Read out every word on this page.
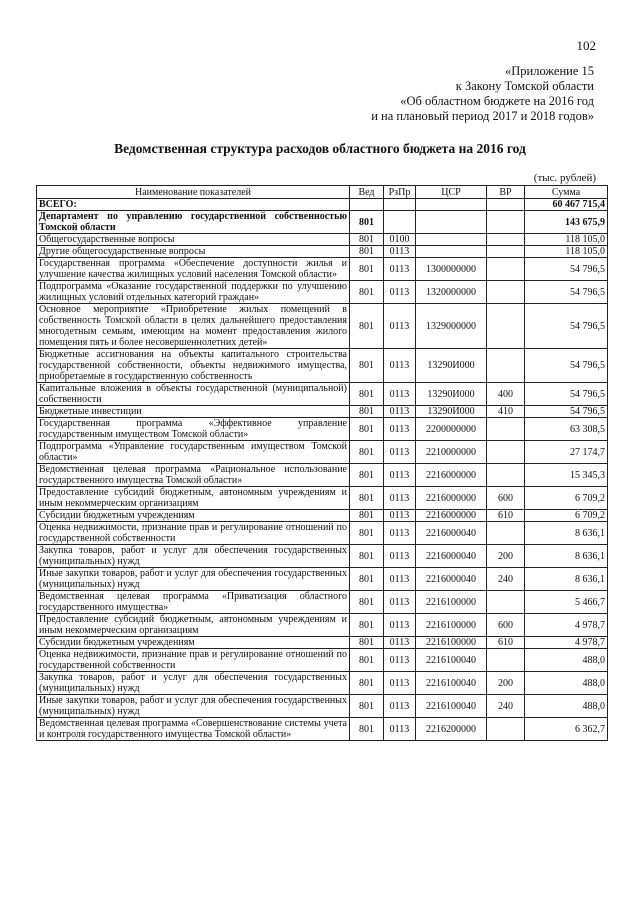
102
«Приложение 15
к Закону Томской области
«Об областном бюджете на 2016 год
и на плановый период 2017 и 2018 годов»
Ведомственная структура расходов областного бюджета на 2016 год
(тыс. рублей)
Наименование показателей	Вед	РзПр	ЦСР	ВР	Сумма
ВСЕГО:					60 467 715,4
Департамент по управлению государственной собственностью Томской области	801				143 675,9
Общегосударственные вопросы	801	0100			118 105,0
Другие общегосударственные вопросы	801	0113			118 105,0
Государственная программа «Обеспечение доступности жилья и улучшение качества жилищных условий населения Томской области»	801	0113	1300000000		54 796,5
Подпрограмма «Оказание государственной поддержки по улучшению жилищных условий отдельных категорий граждан»	801	0113	1320000000		54 796,5
Основное мероприятие «Приобретение жилых помещений в собственность Томской области в целях дальнейшего предоставления многодетным семьям, имеющим на момент предоставления жилого помещения пять и более несовершеннолетних детей»	801	0113	1329000000		54 796,5
Бюджетные ассигнования на объекты капитального строительства государственной собственности, объекты недвижимого имущества, приобретаемые в государственную собственность	801	0113	13290И000		54 796,5
Капитальные вложения в объекты государственной (муниципальной) собственности	801	0113	13290И000	400	54 796,5
Бюджетные инвестиции	801	0113	13290И000	410	54 796,5
Государственная программа «Эффективное управление государственным имуществом Томской области»	801	0113	2200000000		63 308,5
Подпрограмма «Управление государственным имуществом Томской области»	801	0113	2210000000		27 174,7
Ведомственная целевая программа «Рациональное использование государственного имущества Томской области»	801	0113	2216000000		15 345,3
Предоставление субсидий бюджетным, автономным учреждениям и иным некоммерческим организациям	801	0113	2216000000	600	6 709,2
Субсидии бюджетным учреждениям	801	0113	2216000000	610	6 709,2
Оценка недвижимости, признание прав и регулирование отношений по государственной собственности	801	0113	2216000040		8 636,1
Закупка товаров, работ и услуг для обеспечения государственных (муниципальных) нужд	801	0113	2216000040	200	8 636,1
Иные закупки товаров, работ и услуг для обеспечения государственных (муниципальных) нужд	801	0113	2216000040	240	8 636,1
Ведомственная целевая программа «Приватизация областного государственного имущества»	801	0113	2216100000		5 466,7
Предоставление субсидий бюджетным, автономным учреждениям и иным некоммерческим организациям	801	0113	2216100000	600	4 978,7
Субсидии бюджетным учреждениям	801	0113	2216100000	610	4 978,7
Оценка недвижимости, признание прав и регулирование отношений по государственной собственности	801	0113	2216100040		488,0
Закупка товаров, работ и услуг для обеспечения государственных (муниципальных) нужд	801	0113	2216100040	200	488,0
Иные закупки товаров, работ и услуг для обеспечения государственных (муниципальных) нужд	801	0113	2216100040	240	488,0
Ведомственная целевая программа «Совершенствование системы учета и контроля государственного имущества Томской области»	801	0113	2216200000		6 362,7
